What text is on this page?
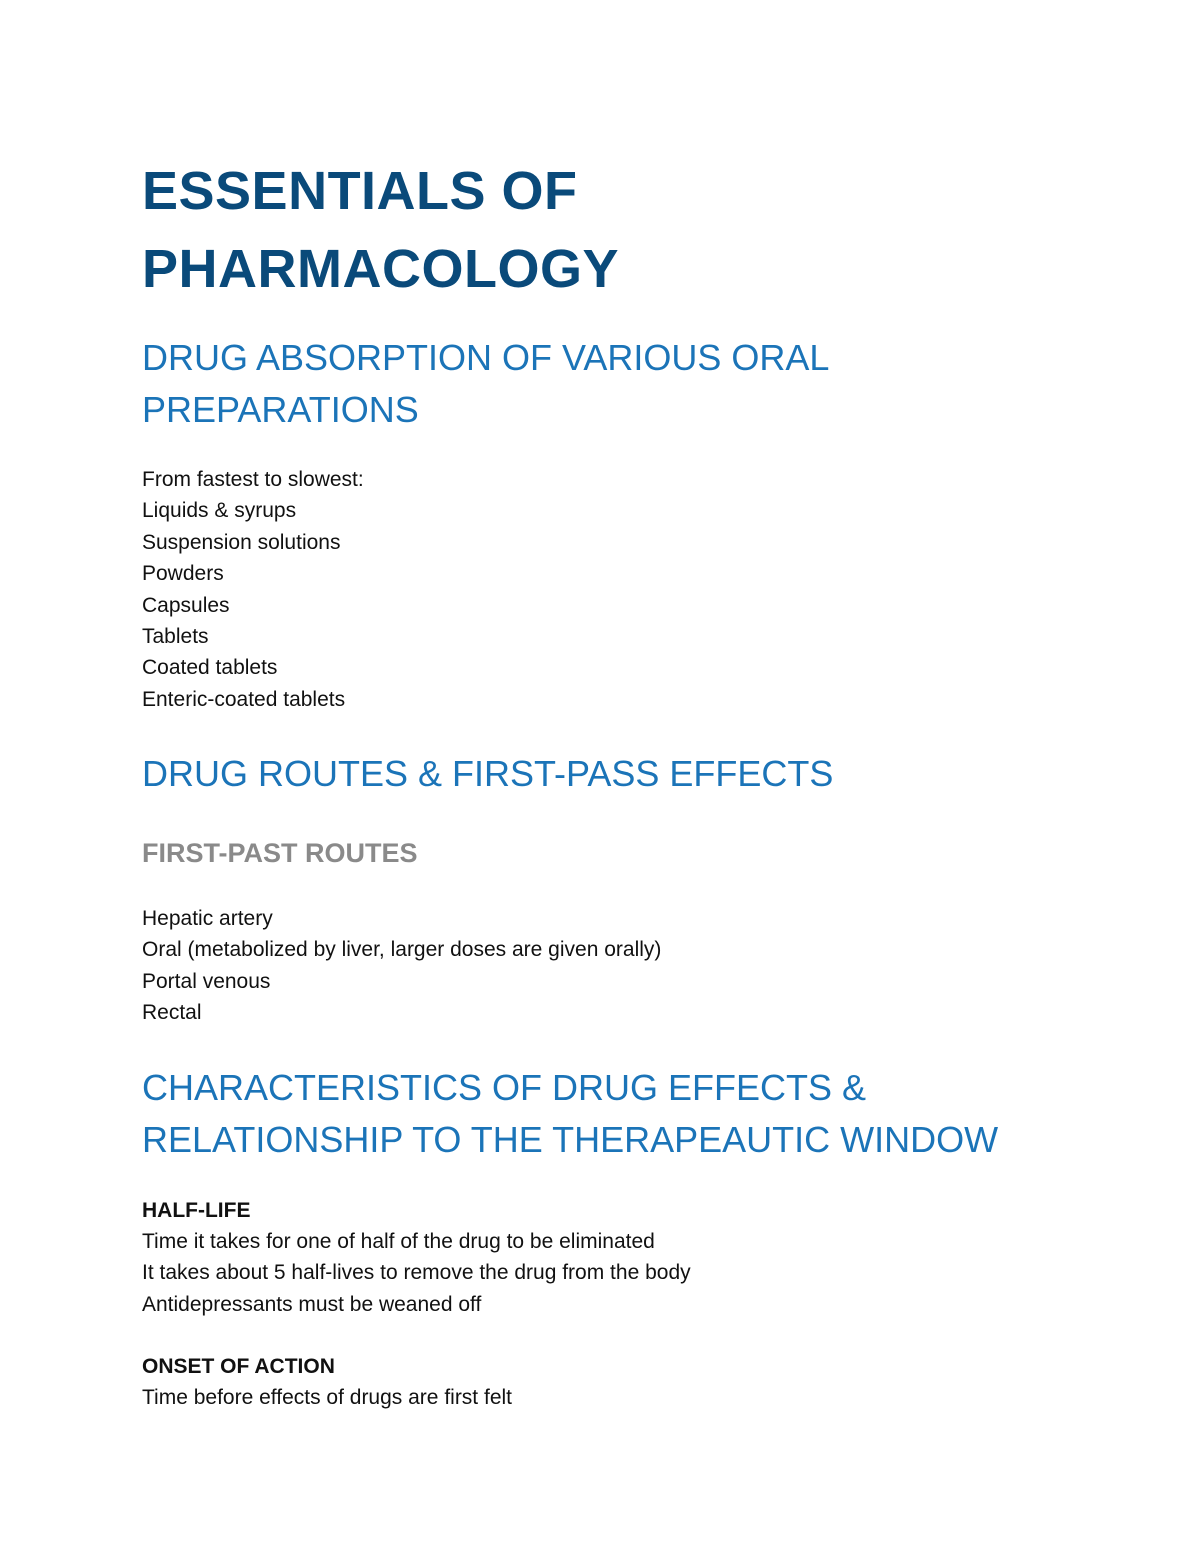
ESSENTIALS OF
PHARMACOLOGY
DRUG ABSORPTION OF VARIOUS ORAL
PREPARATIONS
From fastest to slowest:
Liquids & syrups
Suspension solutions
Powders
Capsules
Tablets
Coated tablets
Enteric-coated tablets
DRUG ROUTES & FIRST-PASS EFFECTS
FIRST-PAST ROUTES
Hepatic artery
Oral (metabolized by liver, larger doses are given orally)
Portal venous
Rectal
CHARACTERISTICS OF DRUG EFFECTS &
RELATIONSHIP TO THE THERAPEAUTIC WINDOW
HALF-LIFE
Time it takes for one of half of the drug to be eliminated
It takes about 5 half-lives to remove the drug from the body
Antidepressants must be weaned off
ONSET OF ACTION
Time before effects of drugs are first felt
